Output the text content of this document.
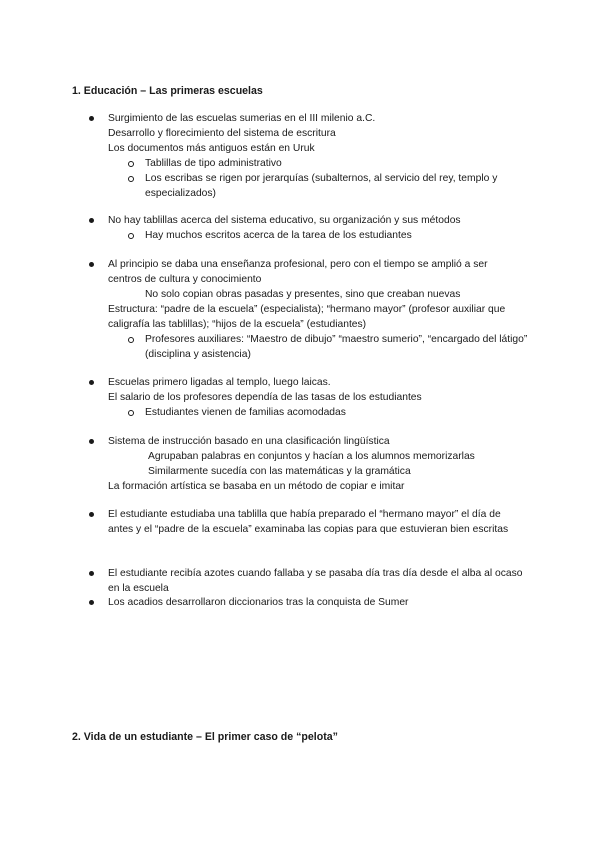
1. Educación – Las primeras escuelas
Surgimiento de las escuelas sumerias en el III milenio a.C.
Desarrollo y florecimiento del sistema de escritura
Los documentos más antiguos están en Uruk
Tablillas de tipo administrativo
Los escribas se rigen por jerarquías (subalternos, al servicio del rey, templo y especializados)
No hay tablillas acerca del sistema educativo, su organización y sus métodos
Hay muchos escritos acerca de la tarea de los estudiantes
Al principio se daba una enseñanza profesional, pero con el tiempo se amplió a ser centros de cultura y conocimiento
No solo copian obras pasadas y presentes, sino que creaban nuevas
Estructura: “padre de la escuela” (especialista); “hermano mayor” (profesor auxiliar que caligrafía las tablillas); “hijos de la escuela” (estudiantes)
Profesores auxiliares: “Maestro de dibujo” “maestro sumerio”, “encargado del látigo” (disciplina y asistencia)
Escuelas primero ligadas al templo, luego laicas.
El salario de los profesores dependía de las tasas de los estudiantes
Estudiantes vienen de familias acomodadas
Sistema de instrucción basado en una clasificación lingüística
Agrupaban palabras en conjuntos y hacían a los alumnos memorizarlas
Similarmente sucedía con las matemáticas y la gramática
La formación artística se basaba en un método de copiar e imitar
El estudiante estudiaba una tablilla que había preparado el “hermano mayor” el día de antes y el “padre de la escuela” examinaba las copias para que estuvieran bien escritas
El estudiante recibía azotes cuando fallaba y se pasaba día tras día desde el alba al ocaso en la escuela
Los acadios desarrollaron diccionarios tras la conquista de Sumer
2. Vida de un estudiante – El primer caso de “pelota”
